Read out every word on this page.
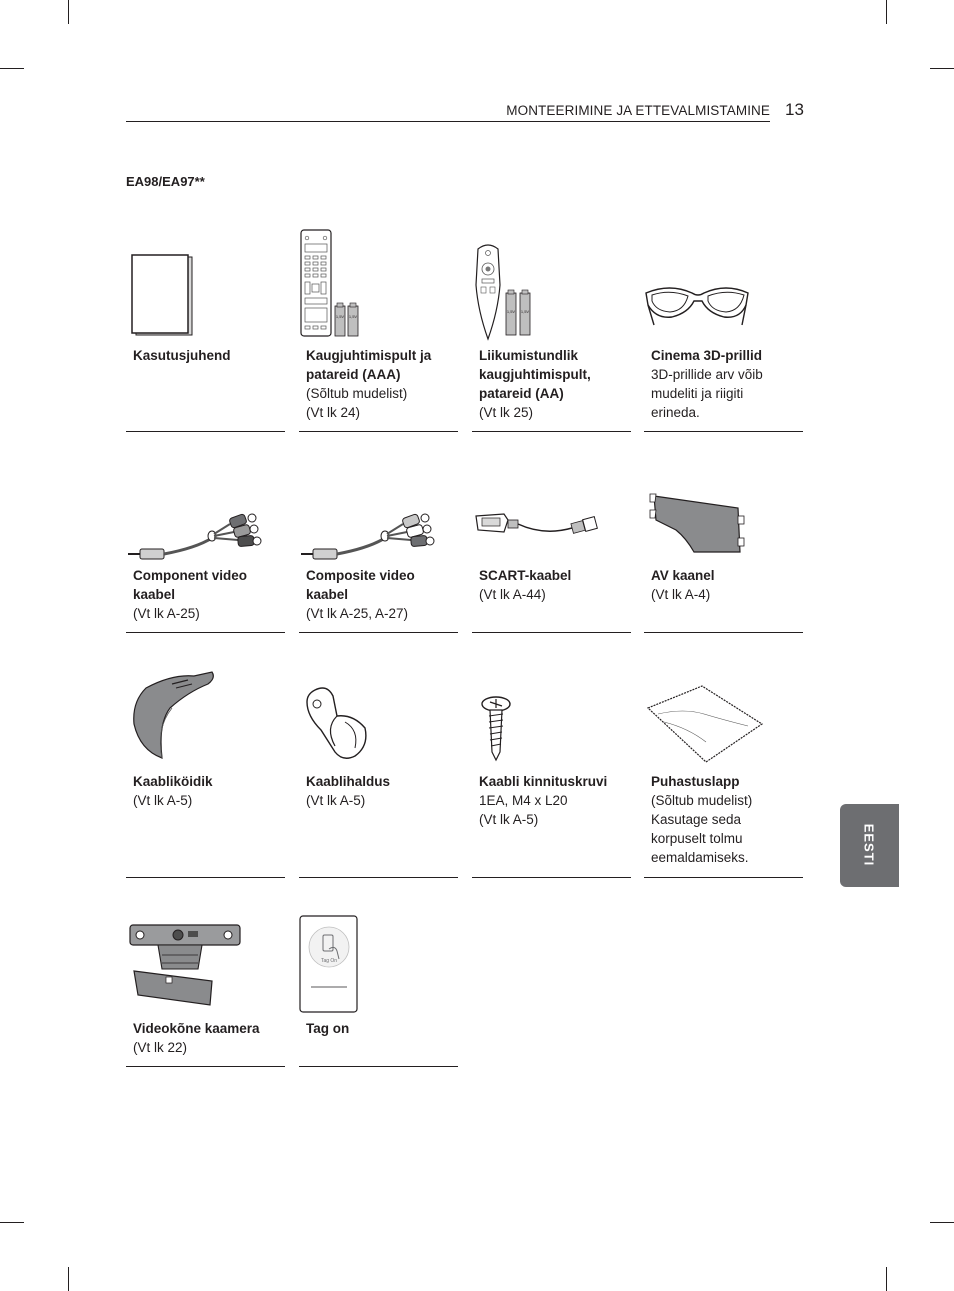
MONTEERIMINE JA ETTEVALMISTAMINE 13
EA98/EA97**
Kasutusjuhend
1,5V 1,5V
Kaugjuhtimispult ja
patareid (AAA)
(Sõltub mudelist)
(Vt lk 24)
1,5V 1,5V
Liikumistundlik
kaugjuhtimispult,
patareid (AA)
(Vt lk 25)
Cinema 3D-prillid
3D-prillide arv võib
mudeliti ja riigiti
erineda.
Component video
kaabel
(Vt lk A-25)
Composite video
kaabel
(Vt lk A-25, A-27)
SCART-kaabel
(Vt lk A-44)
AV kaanel
(Vt lk A-4)
Kaabliköidik
(Vt lk A-5)
Kaablihaldus
(Vt lk A-5)
Kaabli kinnituskruvi
1EA, M4 x L20
(Vt lk A-5)
Puhastuslapp
(Sõltub mudelist)
Kasutage seda
korpuselt tolmu
eemaldamiseks.
Videokõne kaamera
(Vt lk 22)
Tag On
Tag on
EESTI
